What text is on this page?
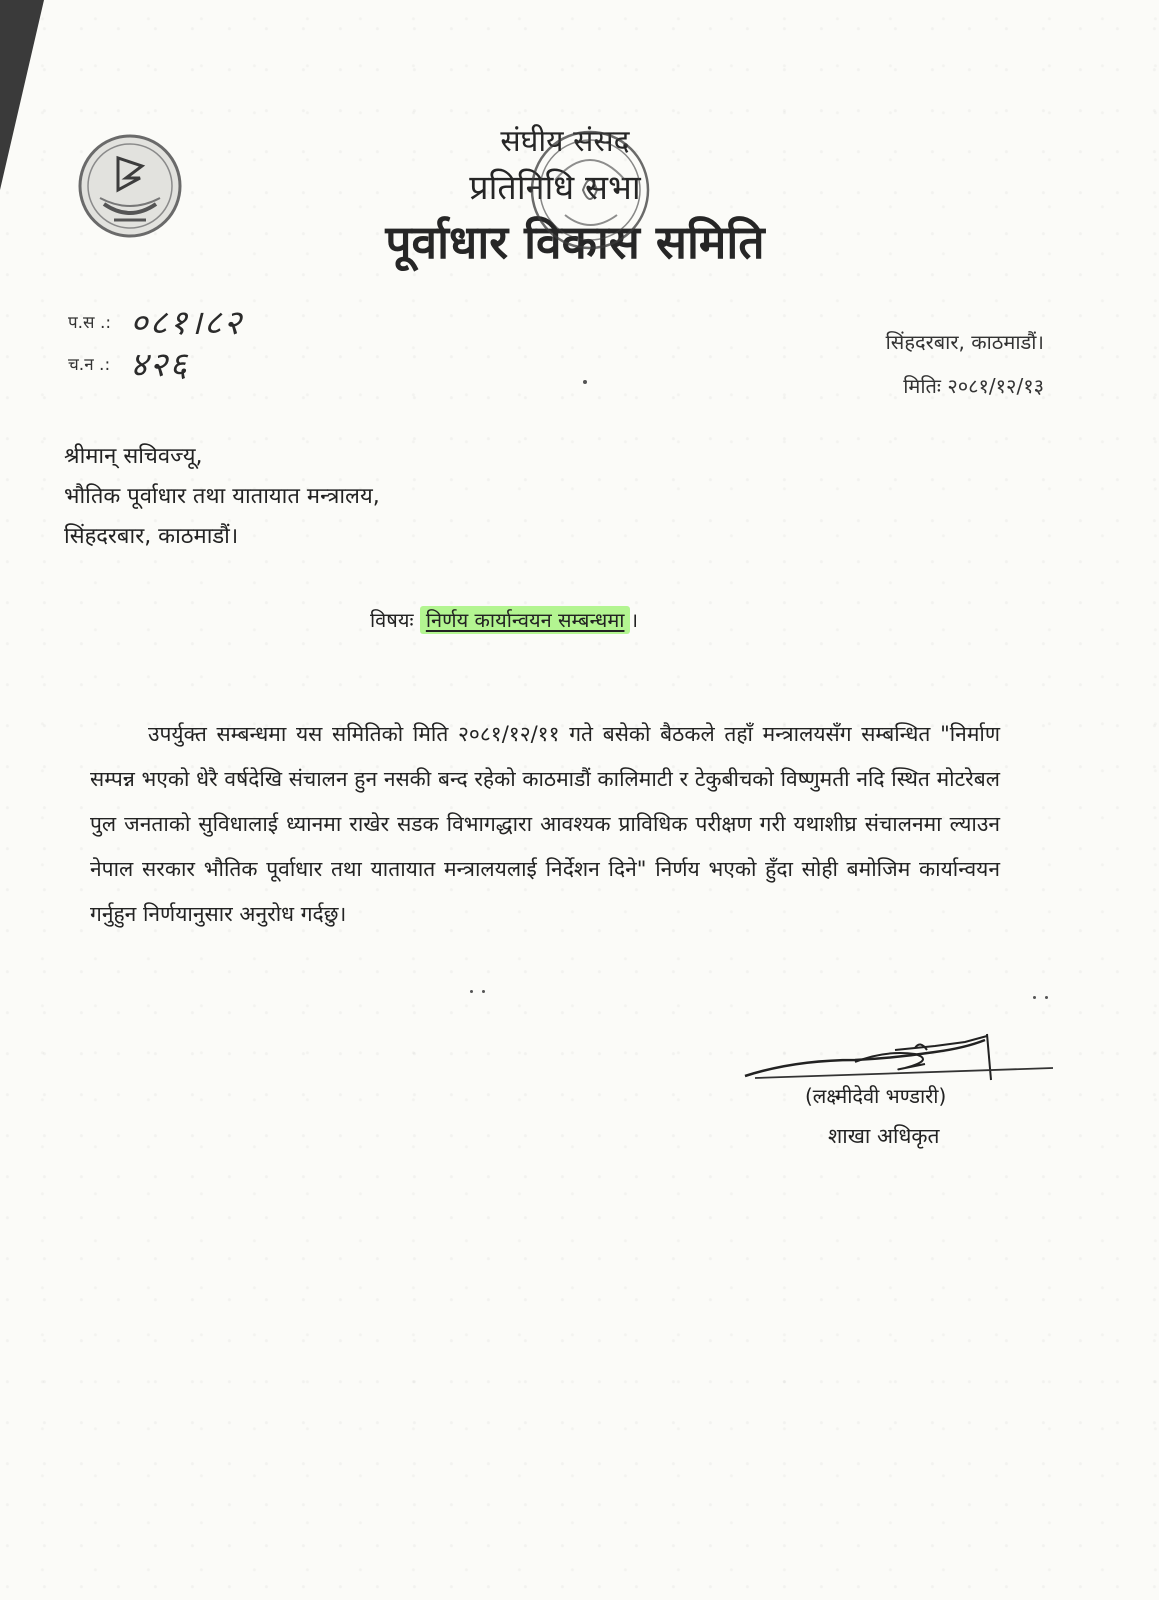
संघीय संसद
प्रतिनिधि सभा
पूर्वाधार विकास समिति
प.स .: ०८१।८२
च.न .: ४२६
सिंहदरबार, काठमाडौं।
मितिः २०८१/१२/१३
श्रीमान् सचिवज्यू,
भौतिक पूर्वाधार तथा यातायात मन्त्रालय,
सिंहदरबार, काठमाडौं।
विषयः निर्णय कार्यान्वयन सम्बन्धमा ।
उपर्युक्त सम्बन्धमा यस समितिको मिति २०८१/१२/११ गते बसेको बैठकले तहाँ मन्त्रालयसँग सम्बन्धित "निर्माण सम्पन्न भएको धेरै वर्षदेखि संचालन हुन नसकी बन्द रहेको काठमाडौं कालिमाटी र टेकुबीचको विष्णुमती नदि स्थित मोटरेबल पुल जनताको सुविधालाई ध्यानमा राखेर सडक विभागद्धारा आवश्यक प्राविधिक परीक्षण गरी यथाशीघ्र संचालनमा ल्याउन नेपाल सरकार भौतिक पूर्वाधार तथा यातायात मन्त्रालयलाई निर्देशन दिने" निर्णय भएको हुँदा सोही बमोजिम कार्यान्वयन गर्नुहुन निर्णयानुसार अनुरोध गर्दछु।
(लक्ष्मीदेवी भण्डारी)
शाखा अधिकृत
